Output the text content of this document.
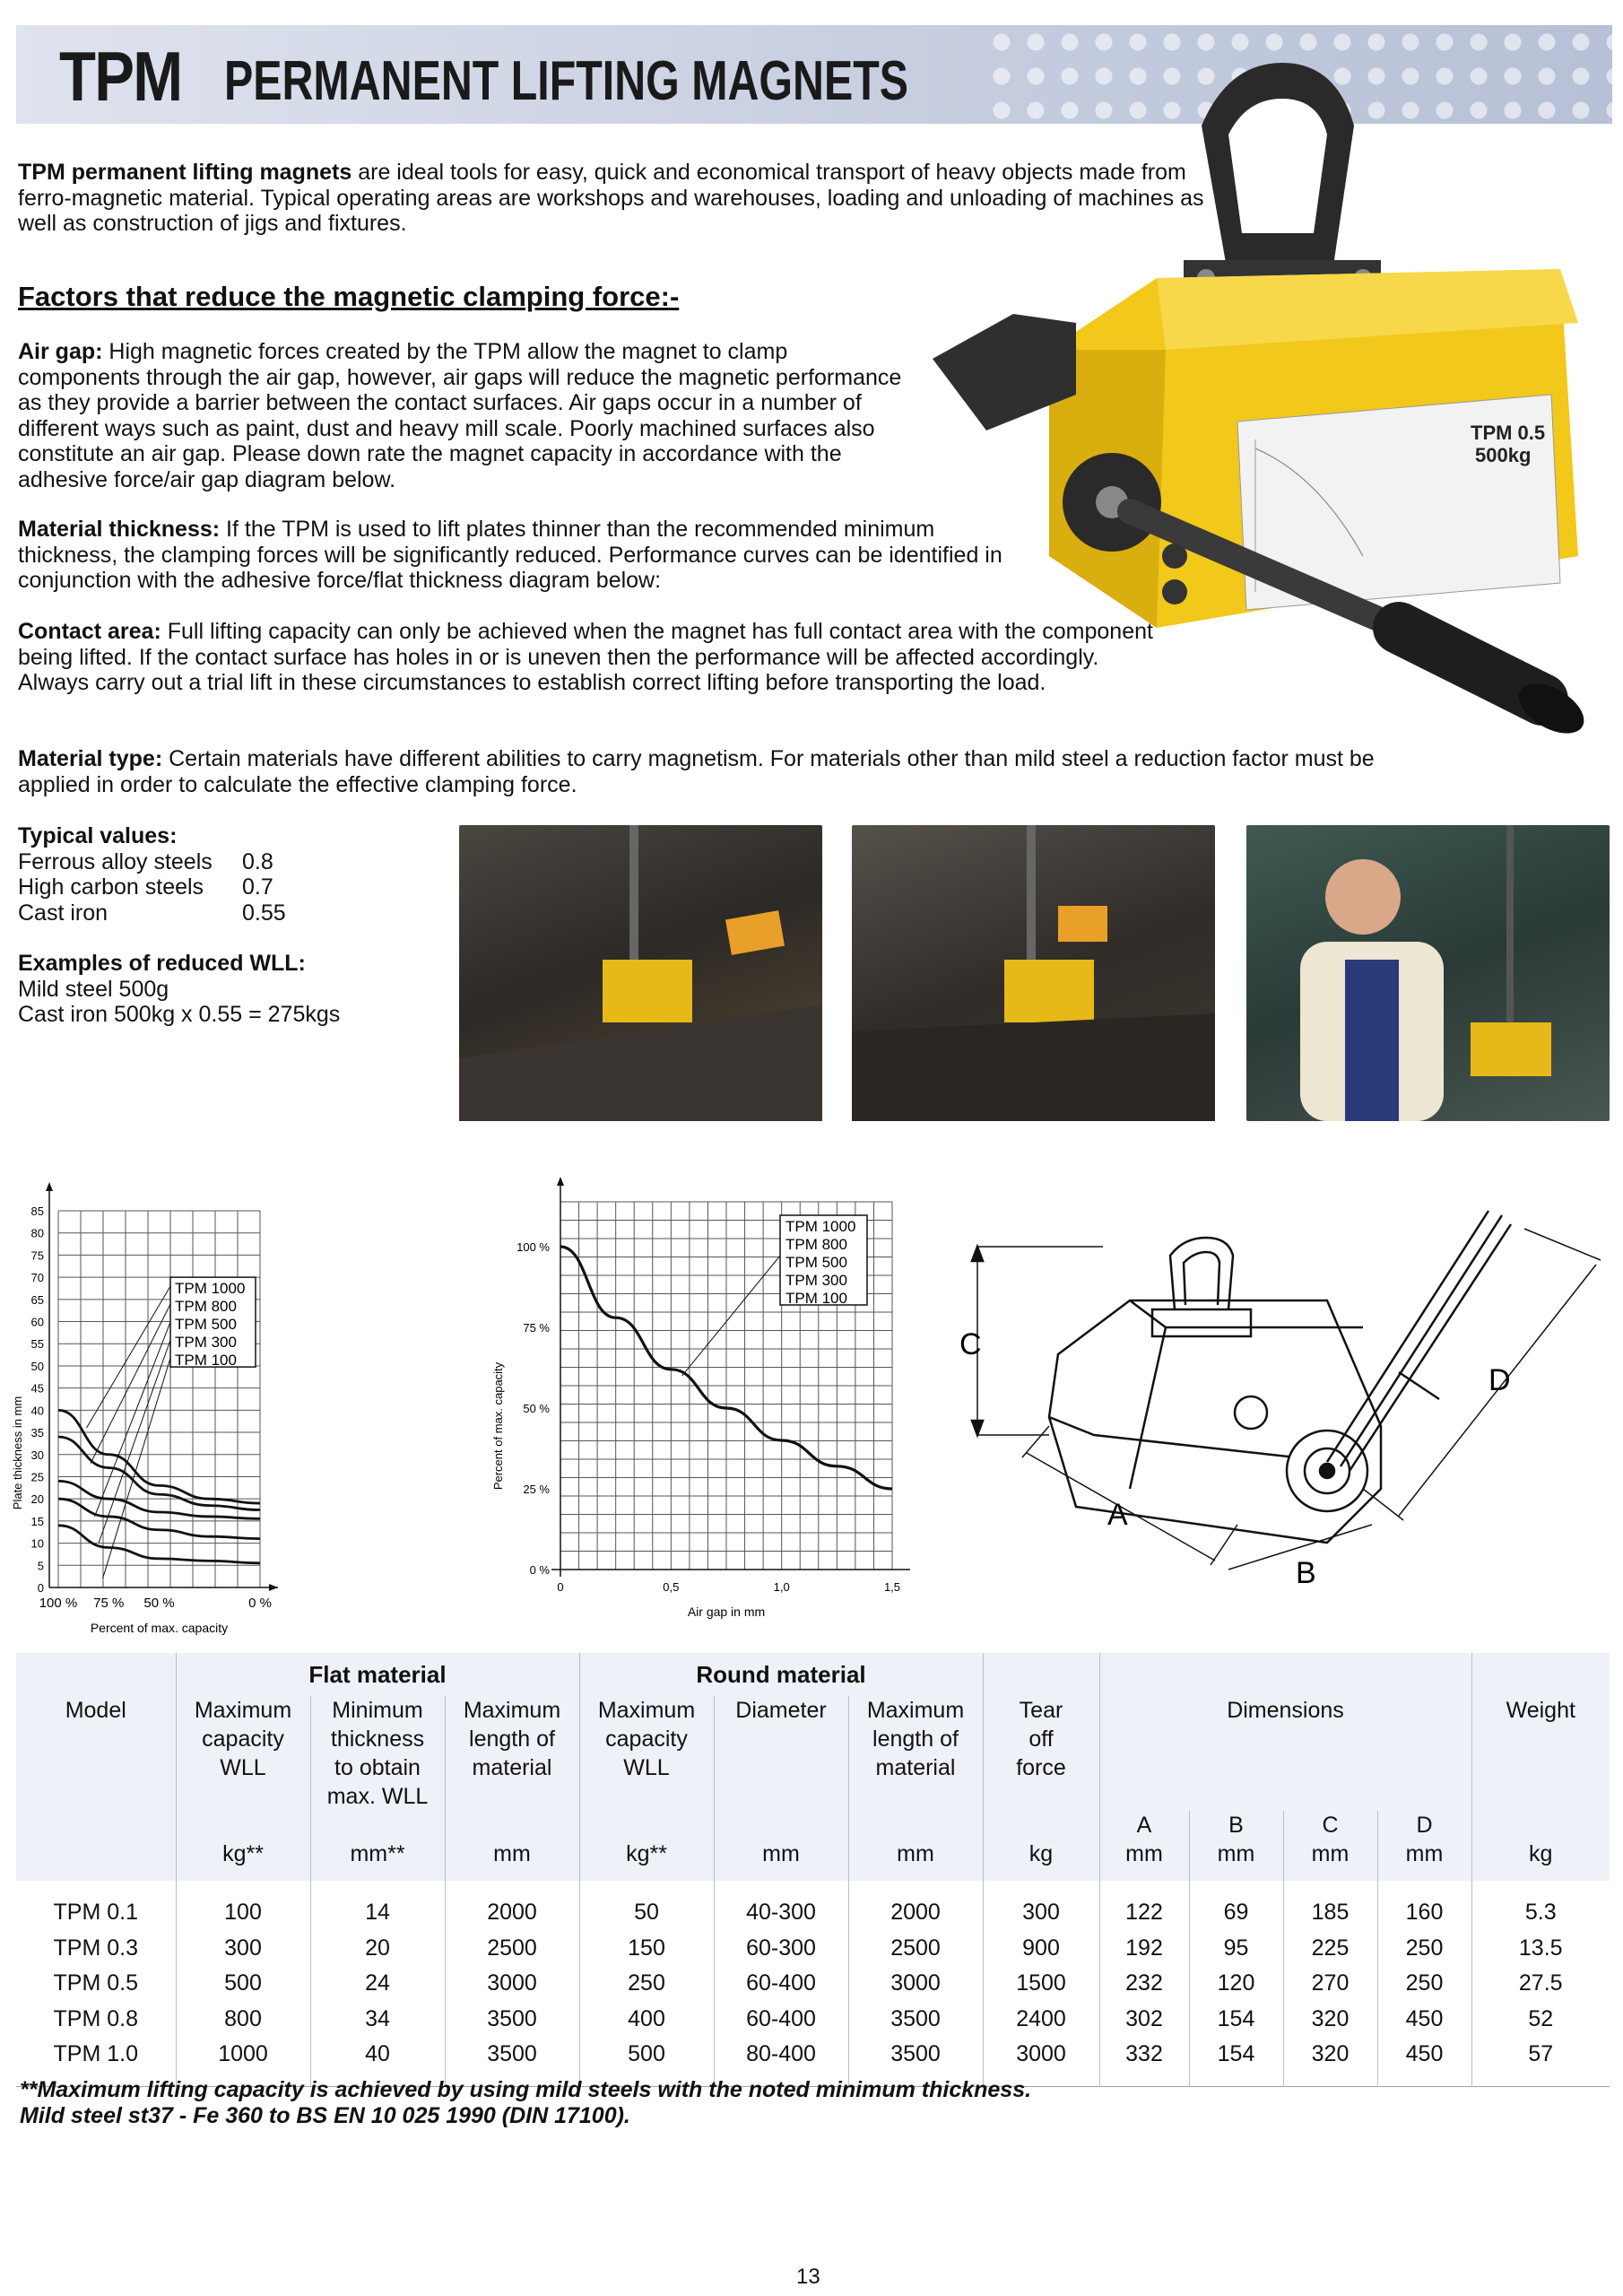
TPM PERMANENT LIFTING MAGNETS
TPM 0.5
500kg

TPM permanent lifting magnets are ideal tools for easy, quick and economical transport of heavy objects made from ferro-magnetic material. Typical operating areas are workshops and warehouses, loading and unloading of machines as well as construction of jigs and fixtures.

Factors that reduce the magnetic clamping force:-

Air gap: High magnetic forces created by the TPM allow the magnet to clamp components through the air gap, however, air gaps will reduce the magnetic performance as they provide a barrier between the contact surfaces. Air gaps occur in a number of different ways such as paint, dust and heavy mill scale. Poorly machined surfaces also constitute an air gap. Please down rate the magnet capacity in accordance with the adhesive force/air gap diagram below.

Material thickness: If the TPM is used to lift plates thinner than the recommended minimum thickness, the clamping forces will be significantly reduced. Performance curves can be identified in conjunction with the adhesive force/flat thickness diagram below:

Contact area: Full lifting capacity can only be achieved when the magnet has full contact area with the component being lifted. If the contact surface has holes in or is uneven then the performance will be affected accordingly. Always carry out a trial lift in these circumstances to establish correct lifting before transporting the load.

Material type: Certain materials have different abilities to carry magnetism. For materials other than mild steel a reduction factor must be applied in order to calculate the effective clamping force.

Typical values:
Ferrous alloy steels	0.8
High carbon steels	0.7
Cast iron	0.55
Examples of reduced WLL:
Mild steel 500g
Cast iron 500kg x 0.55 = 275kgs
0
5
10
15
20
25
30
35
40
45
50
55
60
65
70
75
80
85
100 % 75 % 50 %	0 %
Percent of max. capacity
Plate thickness in mm
TPM 1000
TPM 800
TPM 500
TPM 300
TPM 100
0 %
25 %
50 %
75 %
100 %
0	0,5	1,0	1,5
Air gap in mm
Percent of max. capacity
TPM 1000
TPM 800
TPM 500
TPM 300
TPM 100
C
A
B
D
	Flat material			Round material								
Model	Maximum capacity WLL	Minimum thickness to obtain max. WLL	Maximum length of material	Maximum capacity WLL	Diameter	Maximum length of material	Tear off force	Dimensions				Weight
								A	B	C	D	
	kg**	mm**	mm	kg**	mm	mm	kg	mm	mm	mm	mm	kg

TPM 0.1	100	14	2000	50	40-300	2000	300	122	69	185	160	5.3
TPM 0.3	300	20	2500	150	60-300	2500	900	192	95	225	250	13.5
TPM 0.5	500	24	3000	250	60-400	3000	1500	232	120	270	250	27.5
TPM 0.8	800	34	3500	400	60-400	3500	2400	302	154	320	450	52
TPM 1.0	1000	40	3500	500	80-400	3500	3000	332	154	320	450	57

**Maximum lifting capacity is achieved by using mild steels with the noted minimum thickness.
Mild steel st37 - Fe 360 to BS EN 10 025 1990 (DIN 17100).
13
